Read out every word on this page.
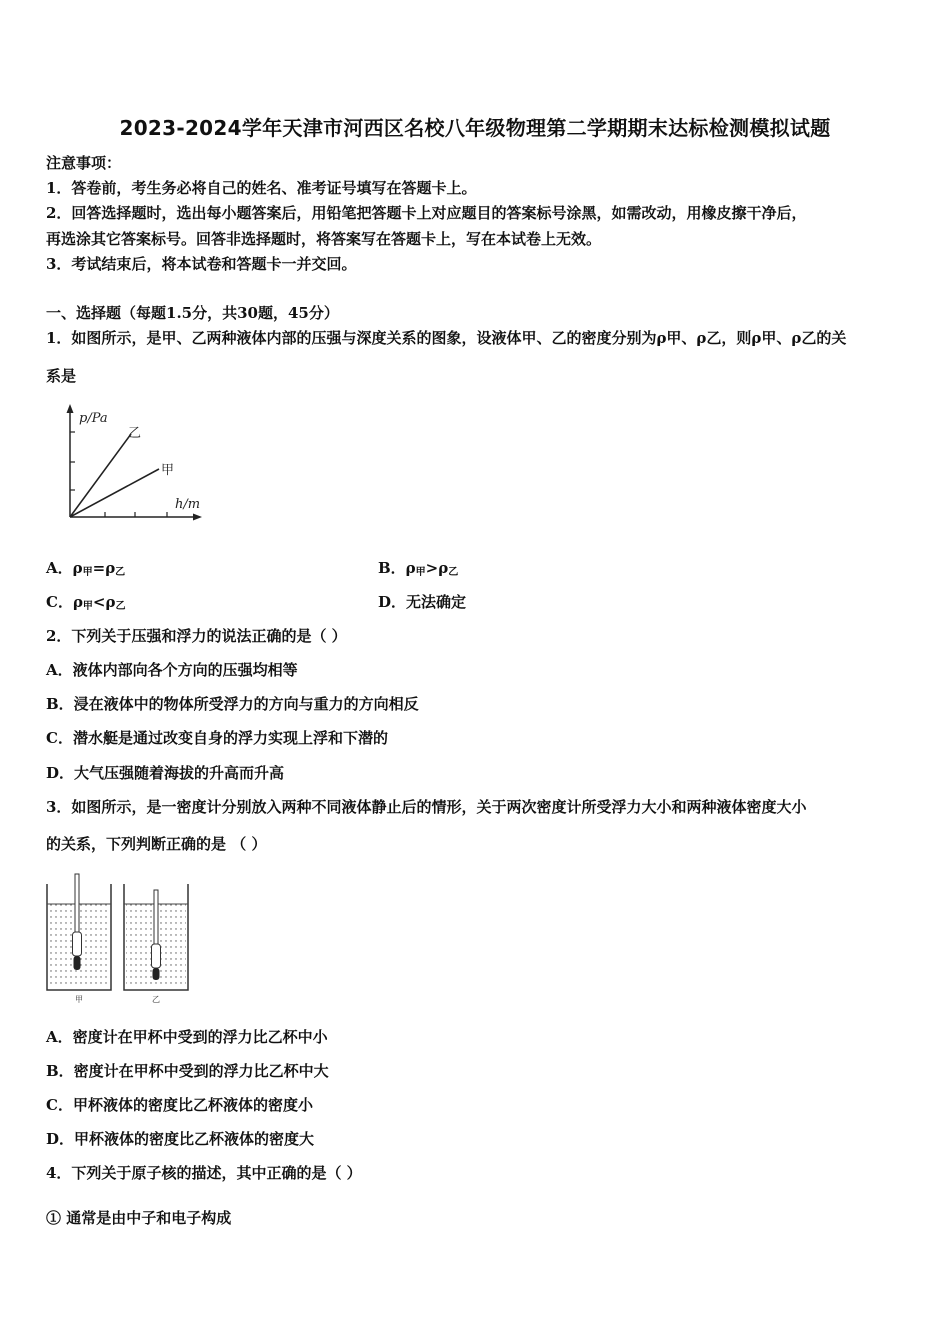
2023-2024学年天津市河西区名校八年级物理第二学期期末达标检测模拟试题
注意事项：
1．答卷前，考生务必将自己的姓名、准考证号填写在答题卡上。
2．回答选择题时，选出每小题答案后，用铅笔把答题卡上对应题目的答案标号涂黑，如需改动，用橡皮擦干净后，
再选涂其它答案标号。回答非选择题时，将答案写在答题卡上，写在本试卷上无效。
3．考试结束后，将本试卷和答题卡一并交回。
一、选择题（每题1.5分，共30题，45分）
1．如图所示，是甲、乙两种液体内部的压强与深度关系的图象，设液体甲、乙的密度分别为ρ甲、ρ乙，则ρ甲、ρ乙的关
系是
p/Pa
h/m
乙
甲
A．ρ甲=ρ乙	B．ρ甲>ρ乙
C．ρ甲<ρ乙	D．无法确定
2．下列关于压强和浮力的说法正确的是（ ）
A．液体内部向各个方向的压强均相等
B．浸在液体中的物体所受浮力的方向与重力的方向相反
C．潜水艇是通过改变自身的浮力实现上浮和下潜的
D．大气压强随着海拔的升高而升高
3．如图所示，是一密度计分别放入两种不同液体静止后的情形，关于两次密度计所受浮力大小和两种液体密度大小
的关系，下列判断正确的是 （ ）
甲	乙
A．密度计在甲杯中受到的浮力比乙杯中小
B．密度计在甲杯中受到的浮力比乙杯中大
C．甲杯液体的密度比乙杯液体的密度小
D．甲杯液体的密度比乙杯液体的密度大
4．下列关于原子核的描述，其中正确的是（ ）
① 通常是由中子和电子构成
